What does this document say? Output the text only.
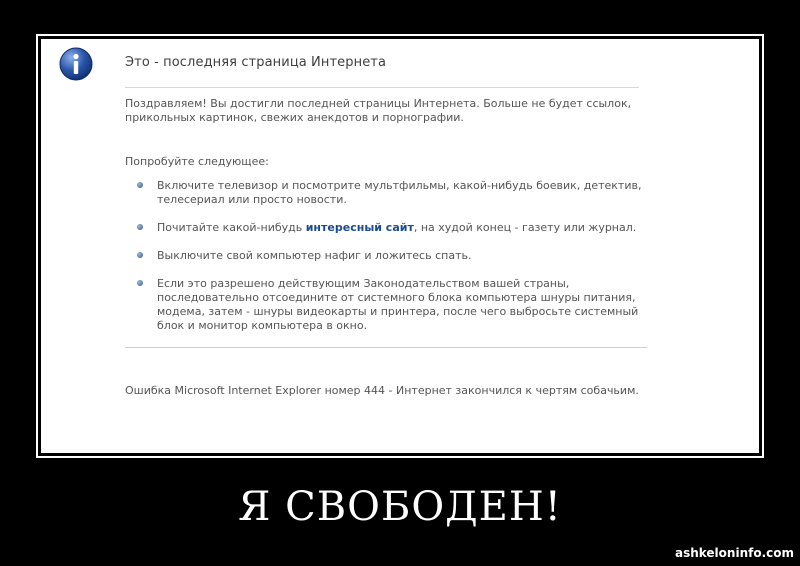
Это - последняя страница Интернета

Поздравляем! Вы достигли последней страницы Интернета. Больше не будет ссылок, прикольных картинок, свежих анекдотов и порнографии.

Попробуйте следующее:

Включите телевизор и посмотрите мультфильмы, какой-нибудь боевик, детектив, телесериал или просто новости.
Почитайте какой-нибудь интересный сайт, на худой конец - газету или журнал.
Выключите свой компьютер нафиг и ложитесь спать.
Если это разрешено действующим Законодательством вашей страны, последовательно отсоедините от системного блока компьютера шнуры питания, модема, затем - шнуры видеокарты и принтера, после чего выбросьте системный блок и монитор компьютера в окно.

Ошибка Microsoft Internet Explorer номер 444 - Интернет закончился к чертям собачьим.

Я СВОБОДЕН!
ashkeloninfo.com
